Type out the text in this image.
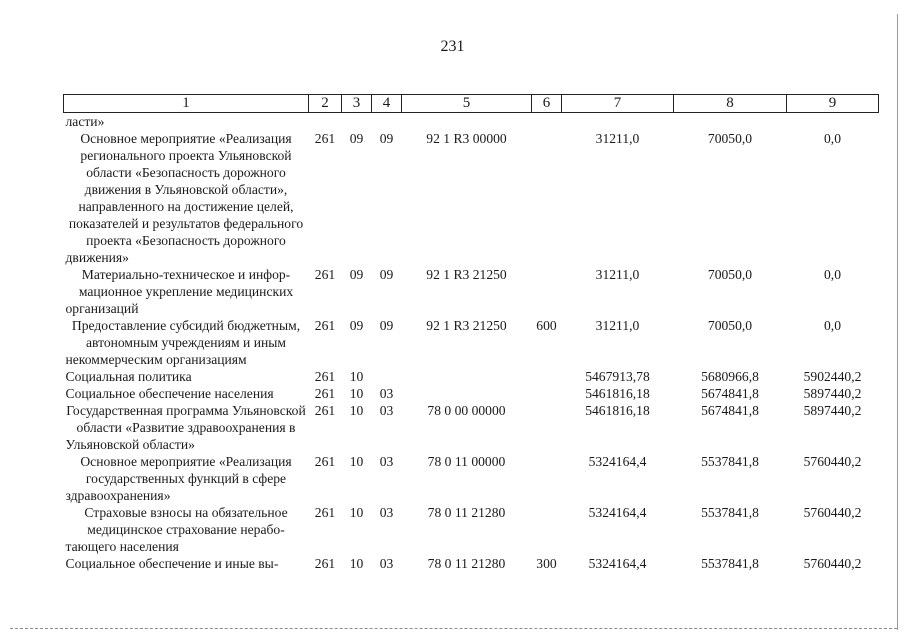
231
1	2	3	4	5	6	7	8	9
ласти»								
Основное мероприятие «Реализация регионального проекта Ульяновской области «Безопасность дорожного движения в Ульяновской области», направленного на достижение целей, показателей и результатов федерального проекта «Безопасность дорожного движения»	261	09	09	92 1 R3 00000		31211,0	70050,0	0,0
Материально-техническое и информационное укрепление медицинских организаций	261	09	09	92 1 R3 21250		31211,0	70050,0	0,0
Предоставление субсидий бюджетным, автономным учреждениям и иным некоммерческим организациям	261	09	09	92 1 R3 21250	600	31211,0	70050,0	0,0
Социальная политика	261	10				5467913,78	5680966,8	5902440,2
Социальное обеспечение населения	261	10	03			5461816,18	5674841,8	5897440,2
Государственная программа Ульяновской области «Развитие здравоохранения в Ульяновской области»	261	10	03	78 0 00 00000		5461816,18	5674841,8	5897440,2
Основное мероприятие «Реализация государственных функций в сфере здравоохранения»	261	10	03	78 0 11 00000		5324164,4	5537841,8	5760440,2
Страховые взносы на обязательное медицинское страхование неработающего населения	261	10	03	78 0 11 21280		5324164,4	5537841,8	5760440,2
Социальное обеспечение и иные вы-	261	10	03	78 0 11 21280	300	5324164,4	5537841,8	5760440,2
